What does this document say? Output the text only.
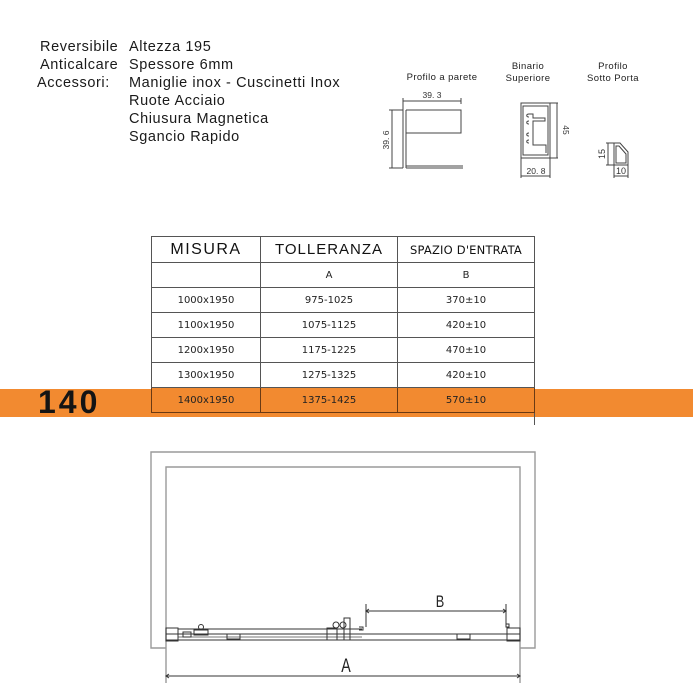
Reversibile Altezza 195
Anticalcare Spessore 6mm
Accessori: Maniglie inox - Cuscinetti Inox
Ruote Acciaio
Chiusura Magnetica
Sgancio Rapido
Profilo a parete
Binario
Superiore
Profilo
Sotto Porta
39. 3
39. 6
20. 8
45
10
15
140
MISURA	TOLLERANZA	SPAZIO D'ENTRATA
	A	B
1000x1950	975-1025	370±10
1100x1950	1075-1125	420±10
1200x1950	1175-1225	470±10
1300x1950	1275-1325	420±10
1400x1950	1375-1425	570±10
B
A
